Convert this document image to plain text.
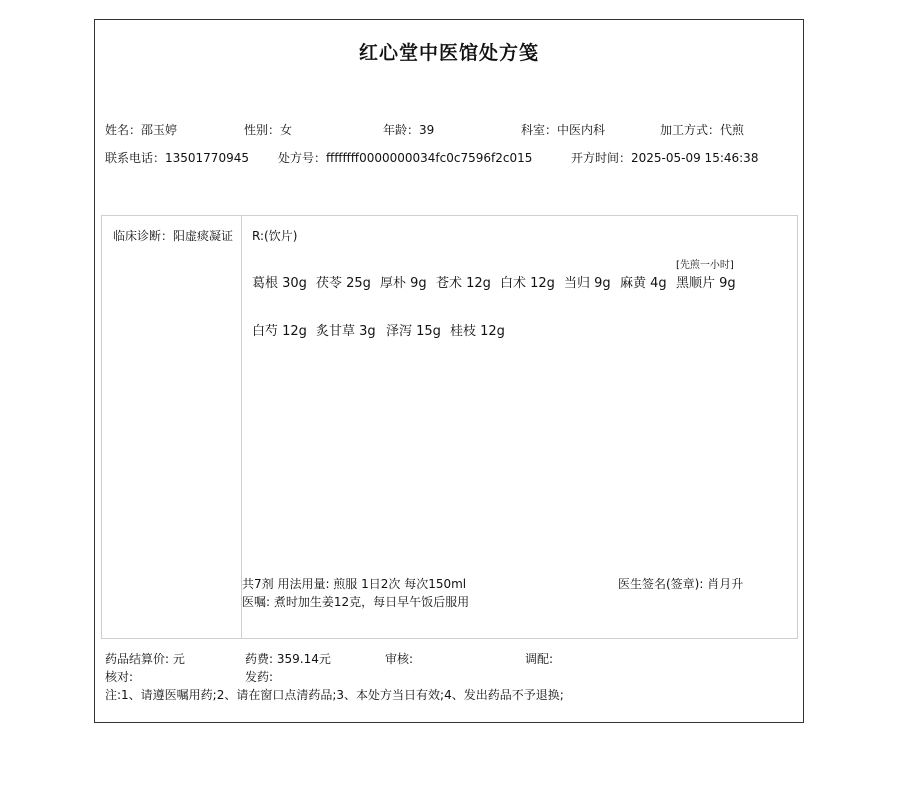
红心堂中医馆处方笺
姓名：邵玉婷	性别：女	年龄：39	科室：中医内科	加工方式：代煎
联系电话：13501770945 处方号：ffffffff0000000034fc0c7596f2c015	开方时间：2025-05-09 15:46:38
临床诊断：阳虚痰凝证	R:(饮片)
[先煎一小时]
葛根 30g 茯苓 25g 厚朴 9g 苍术 12g 白术 12g 当归 9g 麻黄 4g 黑顺片 9g
白芍 12g 炙甘草 3g 泽泻 15g 桂枝 12g
共7剂 用法用量: 煎服 1日2次 每次150ml	医生签名(签章): 肖月升
医嘱: 煮时加生姜12克，每日早午饭后服用
药品结算价: 元	药费: 359.14元	审核:	调配:
核对:	发药:
注:1、请遵医嘱用药;2、请在窗口点清药品;3、本处方当日有效;4、发出药品不予退换;
